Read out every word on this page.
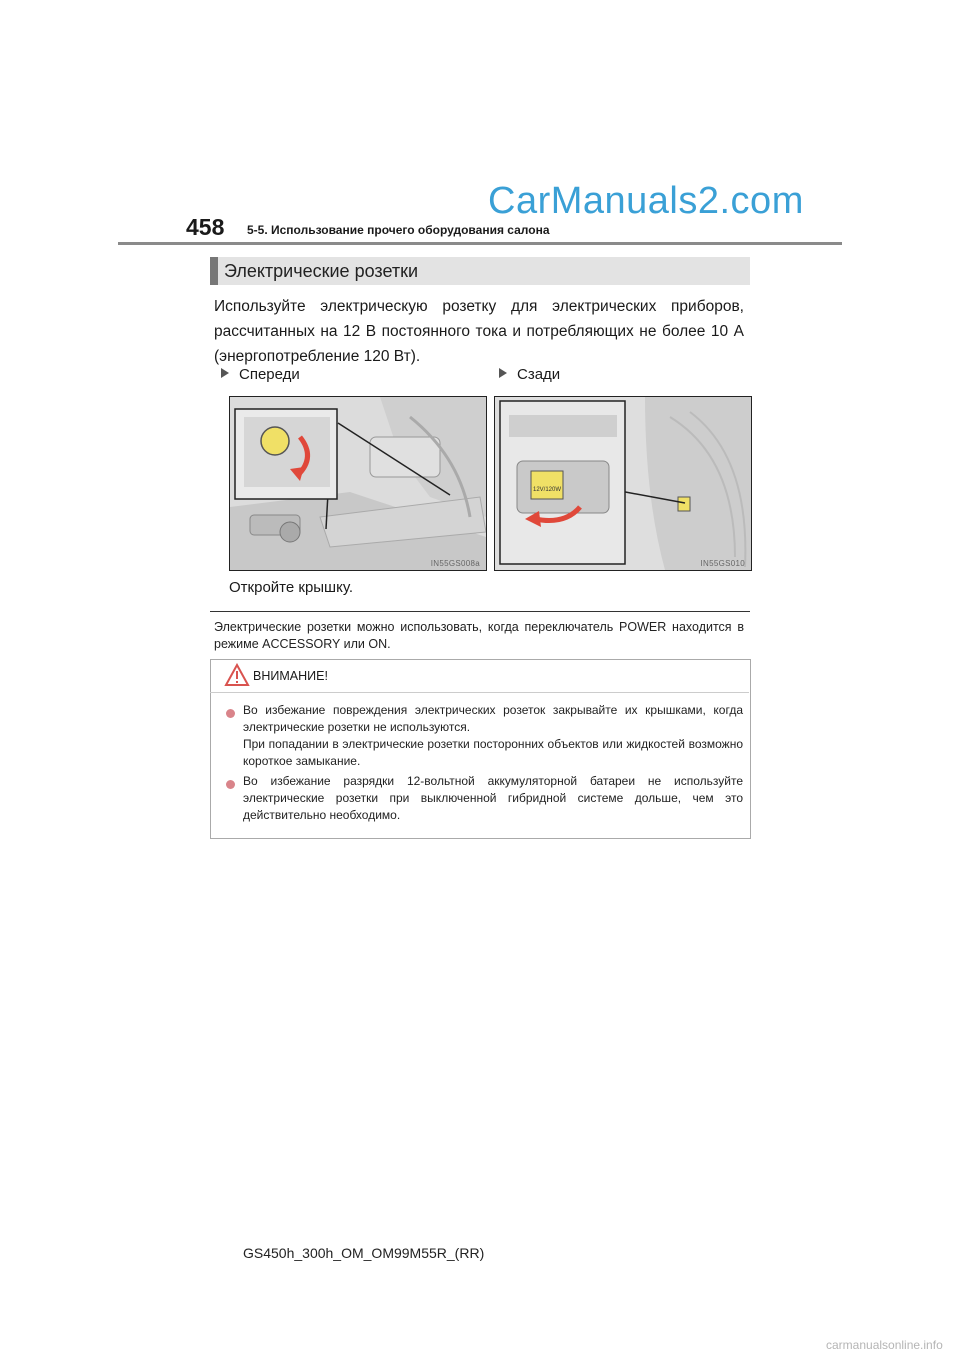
CarManuals2.com
458 5-5. Использование прочего оборудования салона
Электрические розетки
Используйте электрическую розетку для электрических приборов, рассчитанных на 12 В постоянного тока и потребляющих не более 10 А (энергопотребление 120 Вт).
Спереди	Сзади
IN55GS008a
12V/120W
IN55GS010
Откройте крышку.
Электрические розетки можно использовать, когда переключатель POWER находится в режиме ACCESSORY или ON.
ВНИМАНИЕ!
Во избежание повреждения электрических розеток закрывайте их крышками, когда электрические розетки не используются.
При попадании в электрические розетки посторонних объектов или жидкостей возможно короткое замыкание.
Во избежание разрядки 12-вольтной аккумуляторной батареи не используйте электрические розетки при выключенной гибридной системе дольше, чем это действительно необходимо.
GS450h_300h_OM_OM99M55R_(RR)
carmanualsonline.info
